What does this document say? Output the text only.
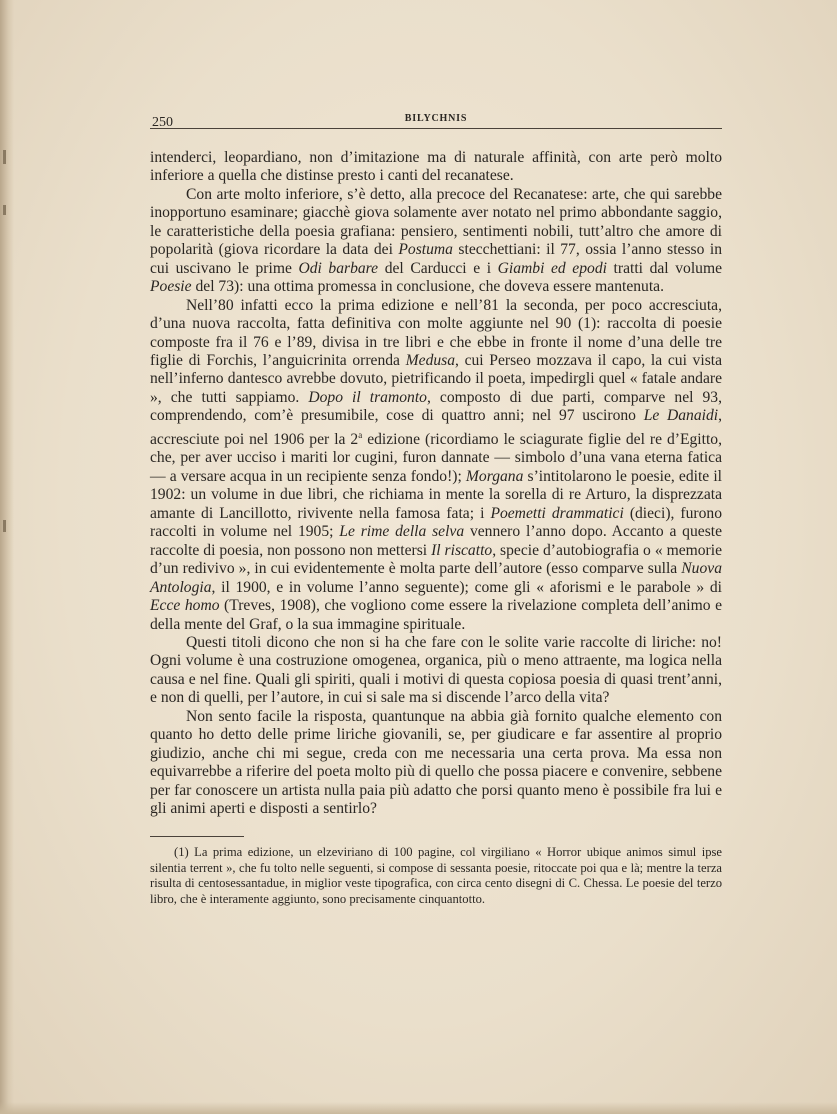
250	BILYCHNIS

intenderci, leopardiano, non d’imitazione ma di naturale affinità, con arte però molto inferiore a quella che distinse presto i canti del recanatese.

Con arte molto inferiore, s’è detto, alla precoce del Recanatese: arte, che qui sarebbe inopportuno esaminare; giacchè giova solamente aver notato nel primo abbondante saggio, le caratteristiche della poesia grafiana: pensiero, sentimenti nobili, tutt’altro che amore di popolarità (giova ricordare la data dei Postuma stecchettiani: il 77, ossia l’anno stesso in cui uscivano le prime Odi barbare del Carducci e i Giambi ed epodi tratti dal volume Poesie del 73): una ottima promessa in conclusione, che doveva essere mantenuta.

Nell’80 infatti ecco la prima edizione e nell’81 la seconda, per poco accresciuta, d’una nuova raccolta, fatta definitiva con molte aggiunte nel 90 (1): raccolta di poesie composte fra il 76 e l’89, divisa in tre libri e che ebbe in fronte il nome d’una delle tre figlie di Forchis, l’anguicrinita orrenda Medusa, cui Perseo mozzava il capo, la cui vista nell’inferno dantesco avrebbe dovuto, pietrificando il poeta, impedirgli quel « fatale andare », che tutti sappiamo. Dopo il tramonto, composto di due parti, comparve nel 93, comprendendo, com’è presumibile, cose di quattro anni; nel 97 uscirono Le Danaidi, accresciute poi nel 1906 per la 2$^a$ edizione (ricordiamo le sciagurate figlie del re d’Egitto, che, per aver ucciso i mariti lor cugini, furon dannate — simbolo d’una vana eterna fatica — a versare acqua in un recipiente senza fondo!); Morgana s’intitolarono le poesie, edite il 1902: un volume in due libri, che richiama in mente la sorella di re Arturo, la disprezzata amante di Lancillotto, rivivente nella famosa fata; i Poemetti drammatici (dieci), furono raccolti in volume nel 1905; Le rime della selva vennero l’anno dopo. Accanto a queste raccolte di poesia, non possono non mettersi Il riscatto, specie d’autobiografia o « memorie d’un redivivo », in cui evidentemente è molta parte dell’autore (esso comparve sulla Nuova Antologia, il 1900, e in volume l’anno seguente); come gli « aforismi e le parabole » di Ecce homo (Treves, 1908), che vogliono come essere la rivelazione completa dell’animo e della mente del Graf, o la sua immagine spirituale.

Questi titoli dicono che non si ha che fare con le solite varie raccolte di liriche: no! Ogni volume è una costruzione omogenea, organica, più o meno attraente, ma logica nella causa e nel fine. Quali gli spiriti, quali i motivi di questa copiosa poesia di quasi trent’anni, e non di quelli, per l’autore, in cui si sale ma si discende l’arco della vita?

Non sento facile la risposta, quantunque na abbia già fornito qualche elemento con quanto ho detto delle prime liriche giovanili, se, per giudicare e far assentire al proprio giudizio, anche chi mi segue, creda con me necessaria una certa prova. Ma essa non equivarrebbe a riferire del poeta molto più di quello che possa piacere e convenire, sebbene per far conoscere un artista nulla paia più adatto che porsi quanto meno è possibile fra lui e gli animi aperti e disposti a sentirlo?

(1) La prima edizione, un elzeviriano di 100 pagine, col virgiliano « Horror ubique animos simul ipse silentia terrent », che fu tolto nelle seguenti, si compose di sessanta poesie, ritoccate poi qua e là; mentre la terza risulta di centosessantadue, in miglior veste tipografica, con circa cento disegni di C. Chessa. Le poesie del terzo libro, che è interamente aggiunto, sono precisamente cinquantotto.
